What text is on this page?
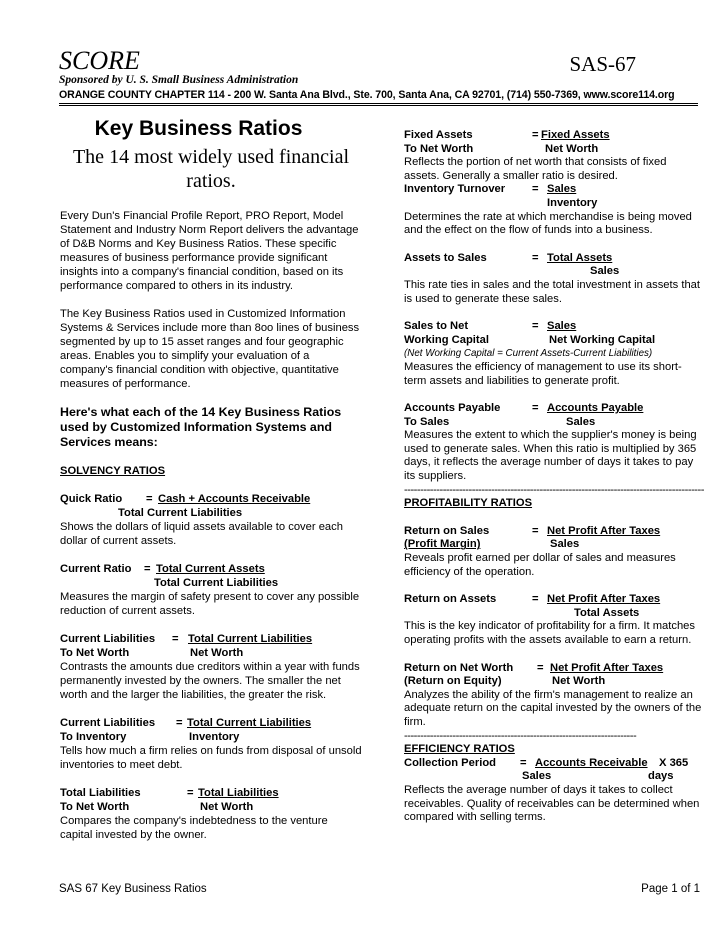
SCORE	SAS-67
Sponsored by U. S. Small Business Administration
ORANGE COUNTY CHAPTER 114 - 200 W. Santa Ana Blvd., Ste. 700, Santa Ana, CA 92701, (714) 550-7369, www.score114.org
Key Business Ratios
The 14 most widely used financial ratios.

Every Dun's Financial Profile Report, PRO Report, Model Statement and Industry Norm Report delivers the advantage of D&B Norms and Key Business Ratios. These specific measures of business performance provide significant insights into a company's financial condition, based on its performance compared to others in its industry.

The Key Business Ratios used in Customized Information Systems & Services include more than 8oo lines of business segmented by up to 15 asset ranges and four geographic areas. Enables you to simplify your evaluation of a company's financial condition with objective, quantitative measures of performance.

Here's what each of the 14 Key Business Ratios used by Customized Information Systems and Services means:

SOLVENCY RATIOS

Quick Ratio = Cash + Accounts Receivable
Total Current Liabilities

Shows the dollars of liquid assets available to cover each dollar of current assets.

Current Ratio = Total Current Assets
Total Current Liabilities

Measures the margin of safety present to cover any possible reduction of current assets.

Current Liabilities = Total Current Liabilities
To Net Worth	Net Worth

Contrasts the amounts due creditors within a year with funds permanently invested by the owners. The smaller the net worth and the larger the liabilities, the greater the risk.

Current Liabilities = Total Current Liabilities
To Inventory	Inventory

Tells how much a firm relies on funds from disposal of unsold inventories to meet debt.

Total Liabilities	= Total Liabilities
To Net Worth	Net Worth

Compares the company's indebtedness to the venture capital invested by the owner.

Fixed Assets	= Fixed Assets
To Net Worth	Net Worth

Reflects the portion of net worth that consists of fixed assets. Generally a smaller ratio is desired.

Inventory Turnover = Sales
Inventory

Determines the rate at which merchandise is being moved and the effect on the flow of funds into a business.

Assets to Sales	= Total Assets
Sales

This rate ties in sales and the total investment in assets that is used to generate these sales.

Sales to Net	= Sales
Working Capital	Net Working Capital

(Net Working Capital = Current Assets-Current Liabilities)

Measures the efficiency of management to use its short-term assets and liabilities to generate profit.

Accounts Payable	= Accounts Payable
To Sales	Sales

Measures the extent to which the supplier's money is being used to generate sales. When this ratio is multiplied by 365 days, it reflects the average number of days it takes to pay its suppliers.

---------------------------------------------------------------------------------------------

PROFITABILITY RATIOS

Return on Sales	= Net Profit After Taxes
(Profit Margin)	Sales

Reveals profit earned per dollar of sales and measures efficiency of the operation.

Return on Assets	= Net Profit After Taxes
Total Assets

This is the key indicator of profitability for a firm. It matches operating profits with the assets available to earn a return.

Return on Net Worth = Net Profit After Taxes
(Return on Equity)	Net Worth

Analyzes the ability of the firm's management to realize an adequate return on the capital invested by the owners of the firm.

------------------------------------------------------------------------

EFFICIENCY RATIOS

Collection Period = Accounts Receivable X 365
Sales	days

Reflects the average number of days it takes to collect receivables. Quality of receivables can be determined when compared with selling terms.

SAS 67 Key Business Ratios	Page 1 of 1
